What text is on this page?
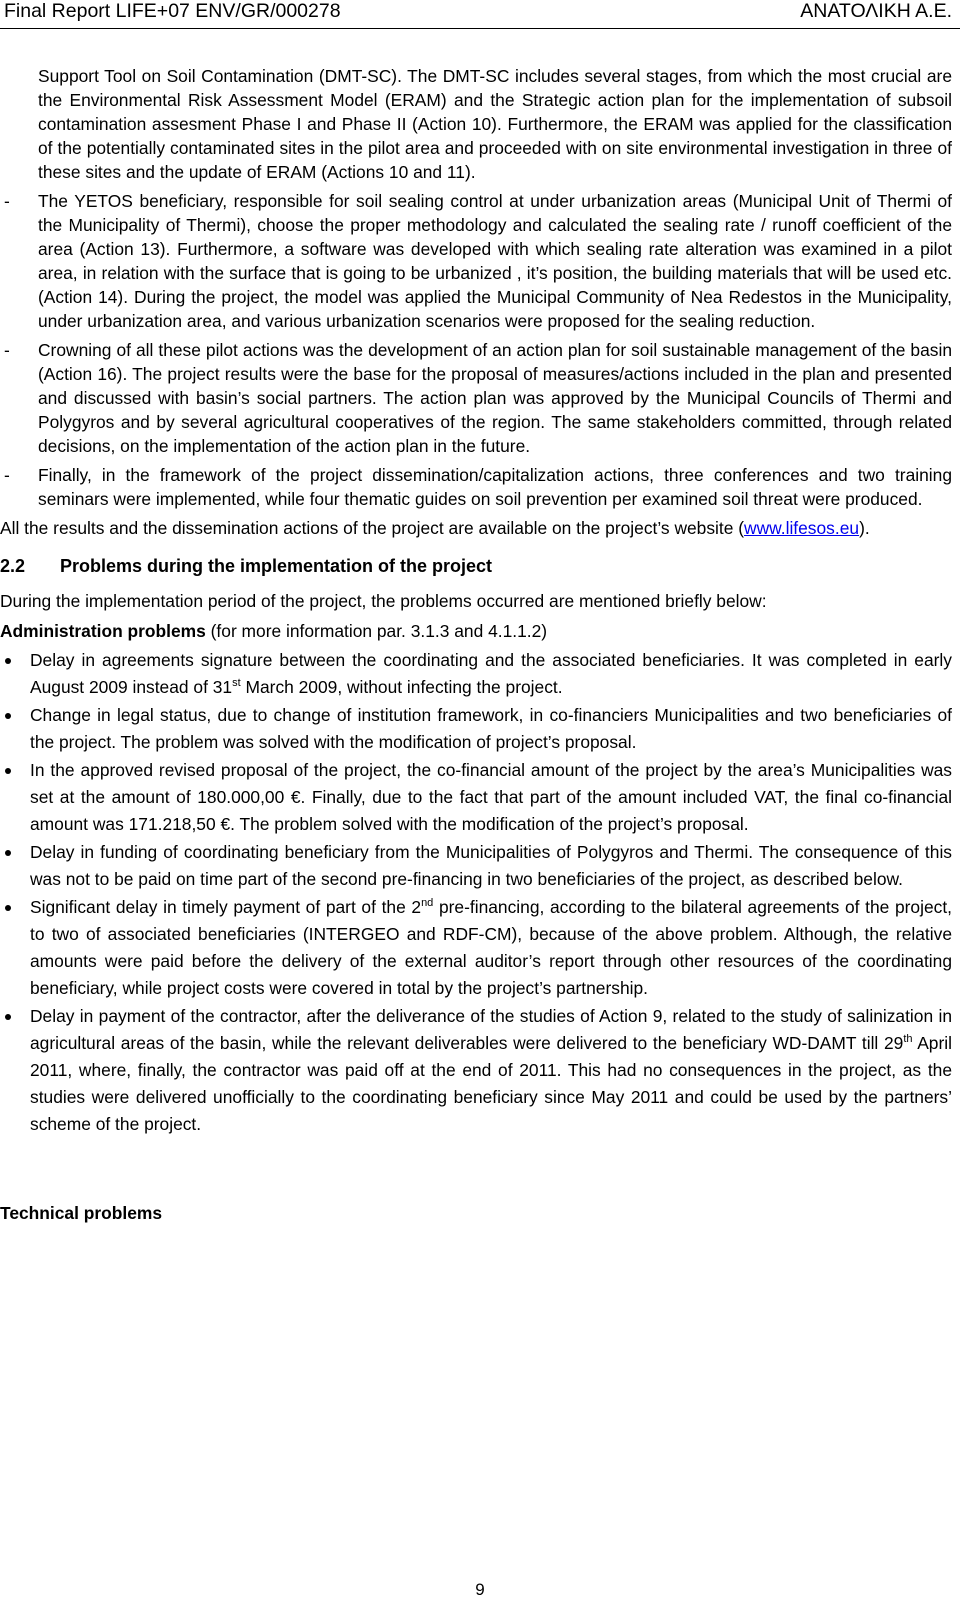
Final Report LIFE+07 ENV/GR/000278	ΑΝΑΤΟΛΙΚΗ Α.Ε.

Support Tool on Soil Contamination (DMT-SC). The DMT-SC includes several stages, from which the most crucial are the Environmental Risk Assessment Model (ERAM) and the Strategic action plan for the implementation of subsoil contamination assesment Phase I and Phase II (Action 10). Furthermore, the ERAM was applied for the classification of the potentially contaminated sites in the pilot area and proceeded with on site environmental investigation in three of these sites and the update of ERAM (Actions 10 and 11).

- The YETOS beneficiary, responsible for soil sealing control at under urbanization areas (Municipal Unit of Thermi of the Municipality of Thermi), choose the proper methodology and calculated the sealing rate / runoff coefficient of the area (Action 13). Furthermore, a software was developed with which sealing rate alteration was examined in a pilot area, in relation with the surface that is going to be urbanized , it’s position, the building materials that will be used etc. (Action 14). During the project, the model was applied the Municipal Community of Nea Redestos in the Municipality, under urbanization area, and various urbanization scenarios were proposed for the sealing reduction.
- Crowning of all these pilot actions was the development of an action plan for soil sustainable management of the basin (Action 16). The project results were the base for the proposal of measures/actions included in the plan and presented and discussed with basin’s social partners. The action plan was approved by the Municipal Councils of Thermi and Polygyros and by several agricultural cooperatives of the region. The same stakeholders committed, through related decisions, on the implementation of the action plan in the future.
- Finally, in the framework of the project dissemination/capitalization actions, three conferences and two training seminars were implemented, while four thematic guides on soil prevention per examined soil threat were produced.

All the results and the dissemination actions of the project are available on the project’s website (www.lifesos.eu).

2.2 Problems during the implementation of the project

During the implementation period of the project, the problems occurred are mentioned briefly below:

Administration problems (for more information par. 3.1.3 and 4.1.1.2)

Delay in agreements signature between the coordinating and the associated beneficiaries. It was completed in early August 2009 instead of 31st March 2009, without infecting the project.
Change in legal status, due to change of institution framework, in co-financiers Municipalities and two beneficiaries of the project. The problem was solved with the modification of project’s proposal.
In the approved revised proposal of the project, the co-financial amount of the project by the area’s Municipalities was set at the amount of 180.000,00 €. Finally, due to the fact that part of the amount included VAT, the final co-financial amount was 171.218,50 €. The problem solved with the modification of the project’s proposal.
Delay in funding of coordinating beneficiary from the Municipalities of Polygyros and Thermi. The consequence of this was not to be paid on time part of the second pre-financing in two beneficiaries of the project, as described below.
Significant delay in timely payment of part of the 2nd pre-financing, according to the bilateral agreements of the project, to two of associated beneficiaries (INTERGEO and RDF-CM), because of the above problem. Although, the relative amounts were paid before the delivery of the external auditor’s report through other resources of the coordinating beneficiary, while project costs were covered in total by the project’s partnership.
Delay in payment of the contractor, after the deliverance of the studies of Action 9, related to the study of salinization in agricultural areas of the basin, while the relevant deliverables were delivered to the beneficiary WD-DAMT till 29th April 2011, where, finally, the contractor was paid off at the end of 2011. This had no consequences in the project, as the studies were delivered unofficially to the coordinating beneficiary since May 2011 and could be used by the partners’ scheme of the project.

Technical problems

9
